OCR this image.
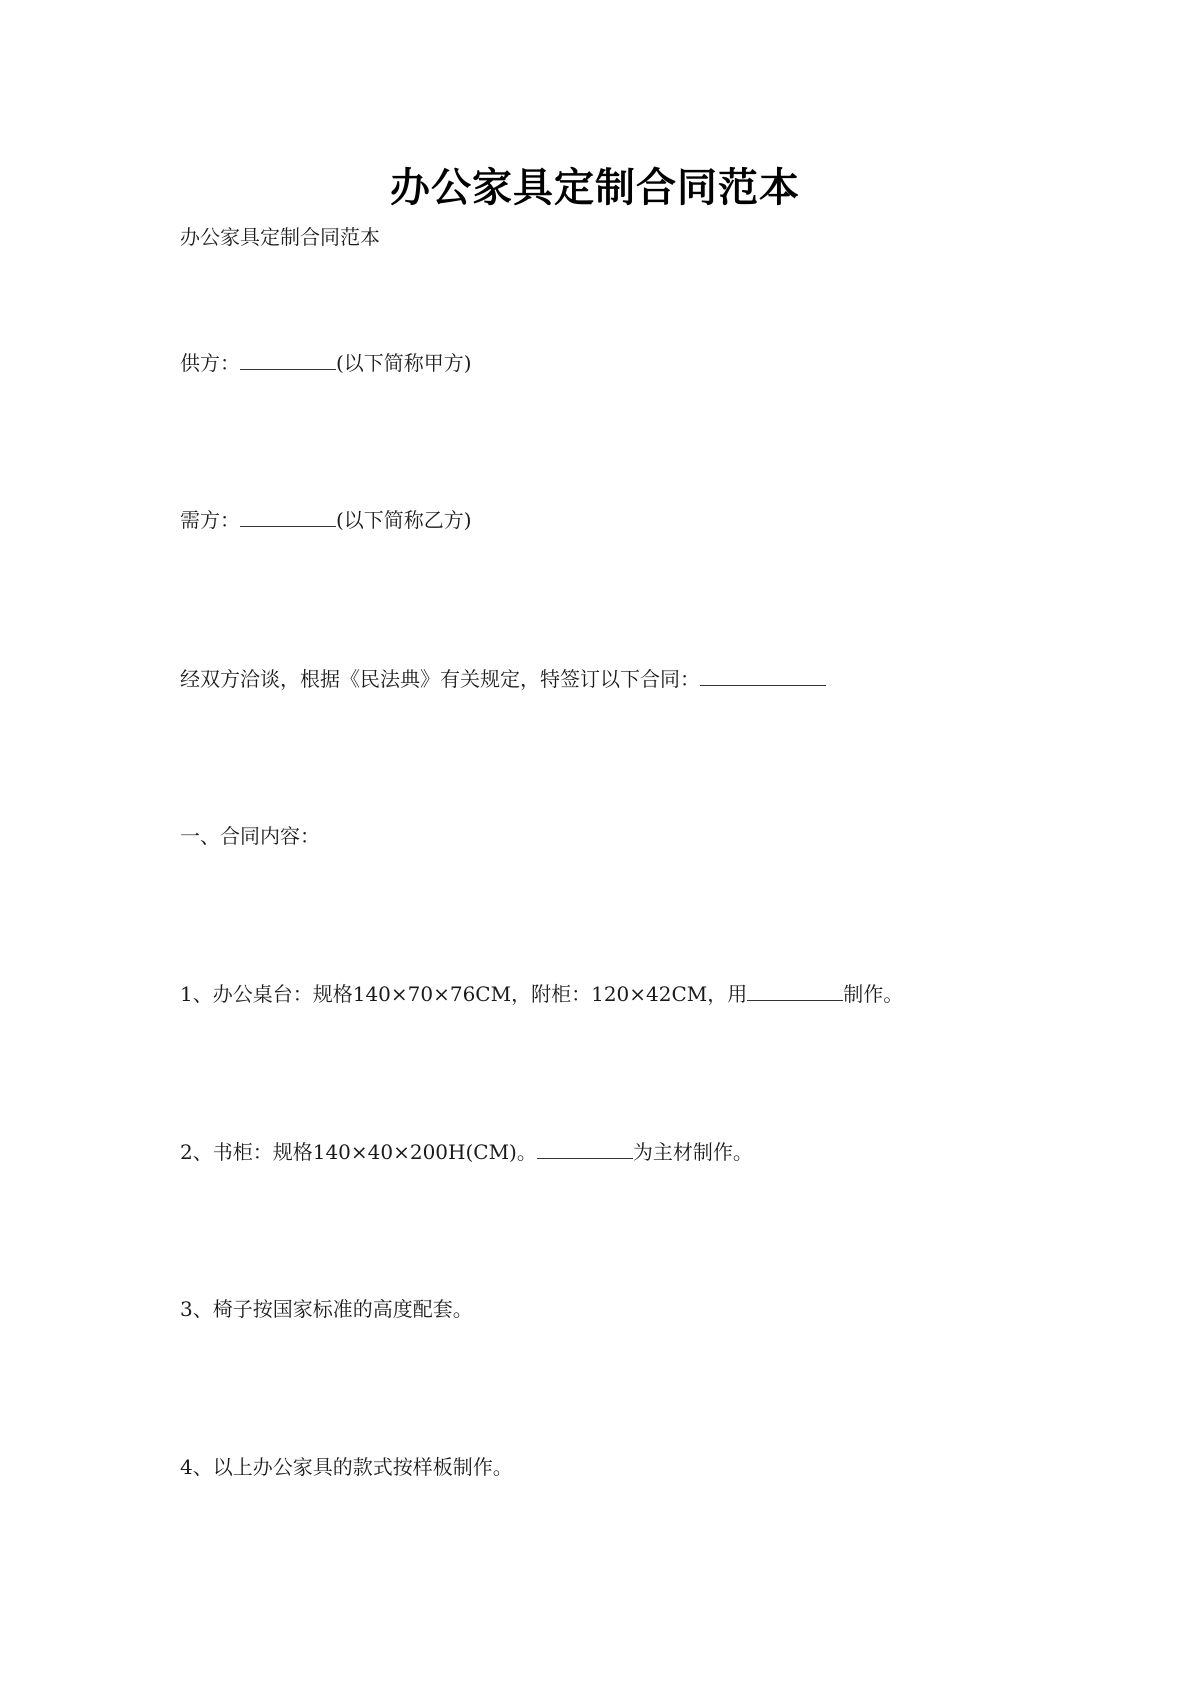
办公家具定制合同范本
办公家具定制合同范本
供方：	(以下简称甲方)
需方：	(以下简称乙方)
经双方洽谈，根据《民法典》有关规定，特签订以下合同：
一、合同内容：
1、办公桌台：规格140×70×76CM，附柜：120×42CM，用	制作。
2、书柜：规格140×40×200H(CM)。	为主材制作。
3、椅子按国家标准的高度配套。
4、以上办公家具的款式按样板制作。
